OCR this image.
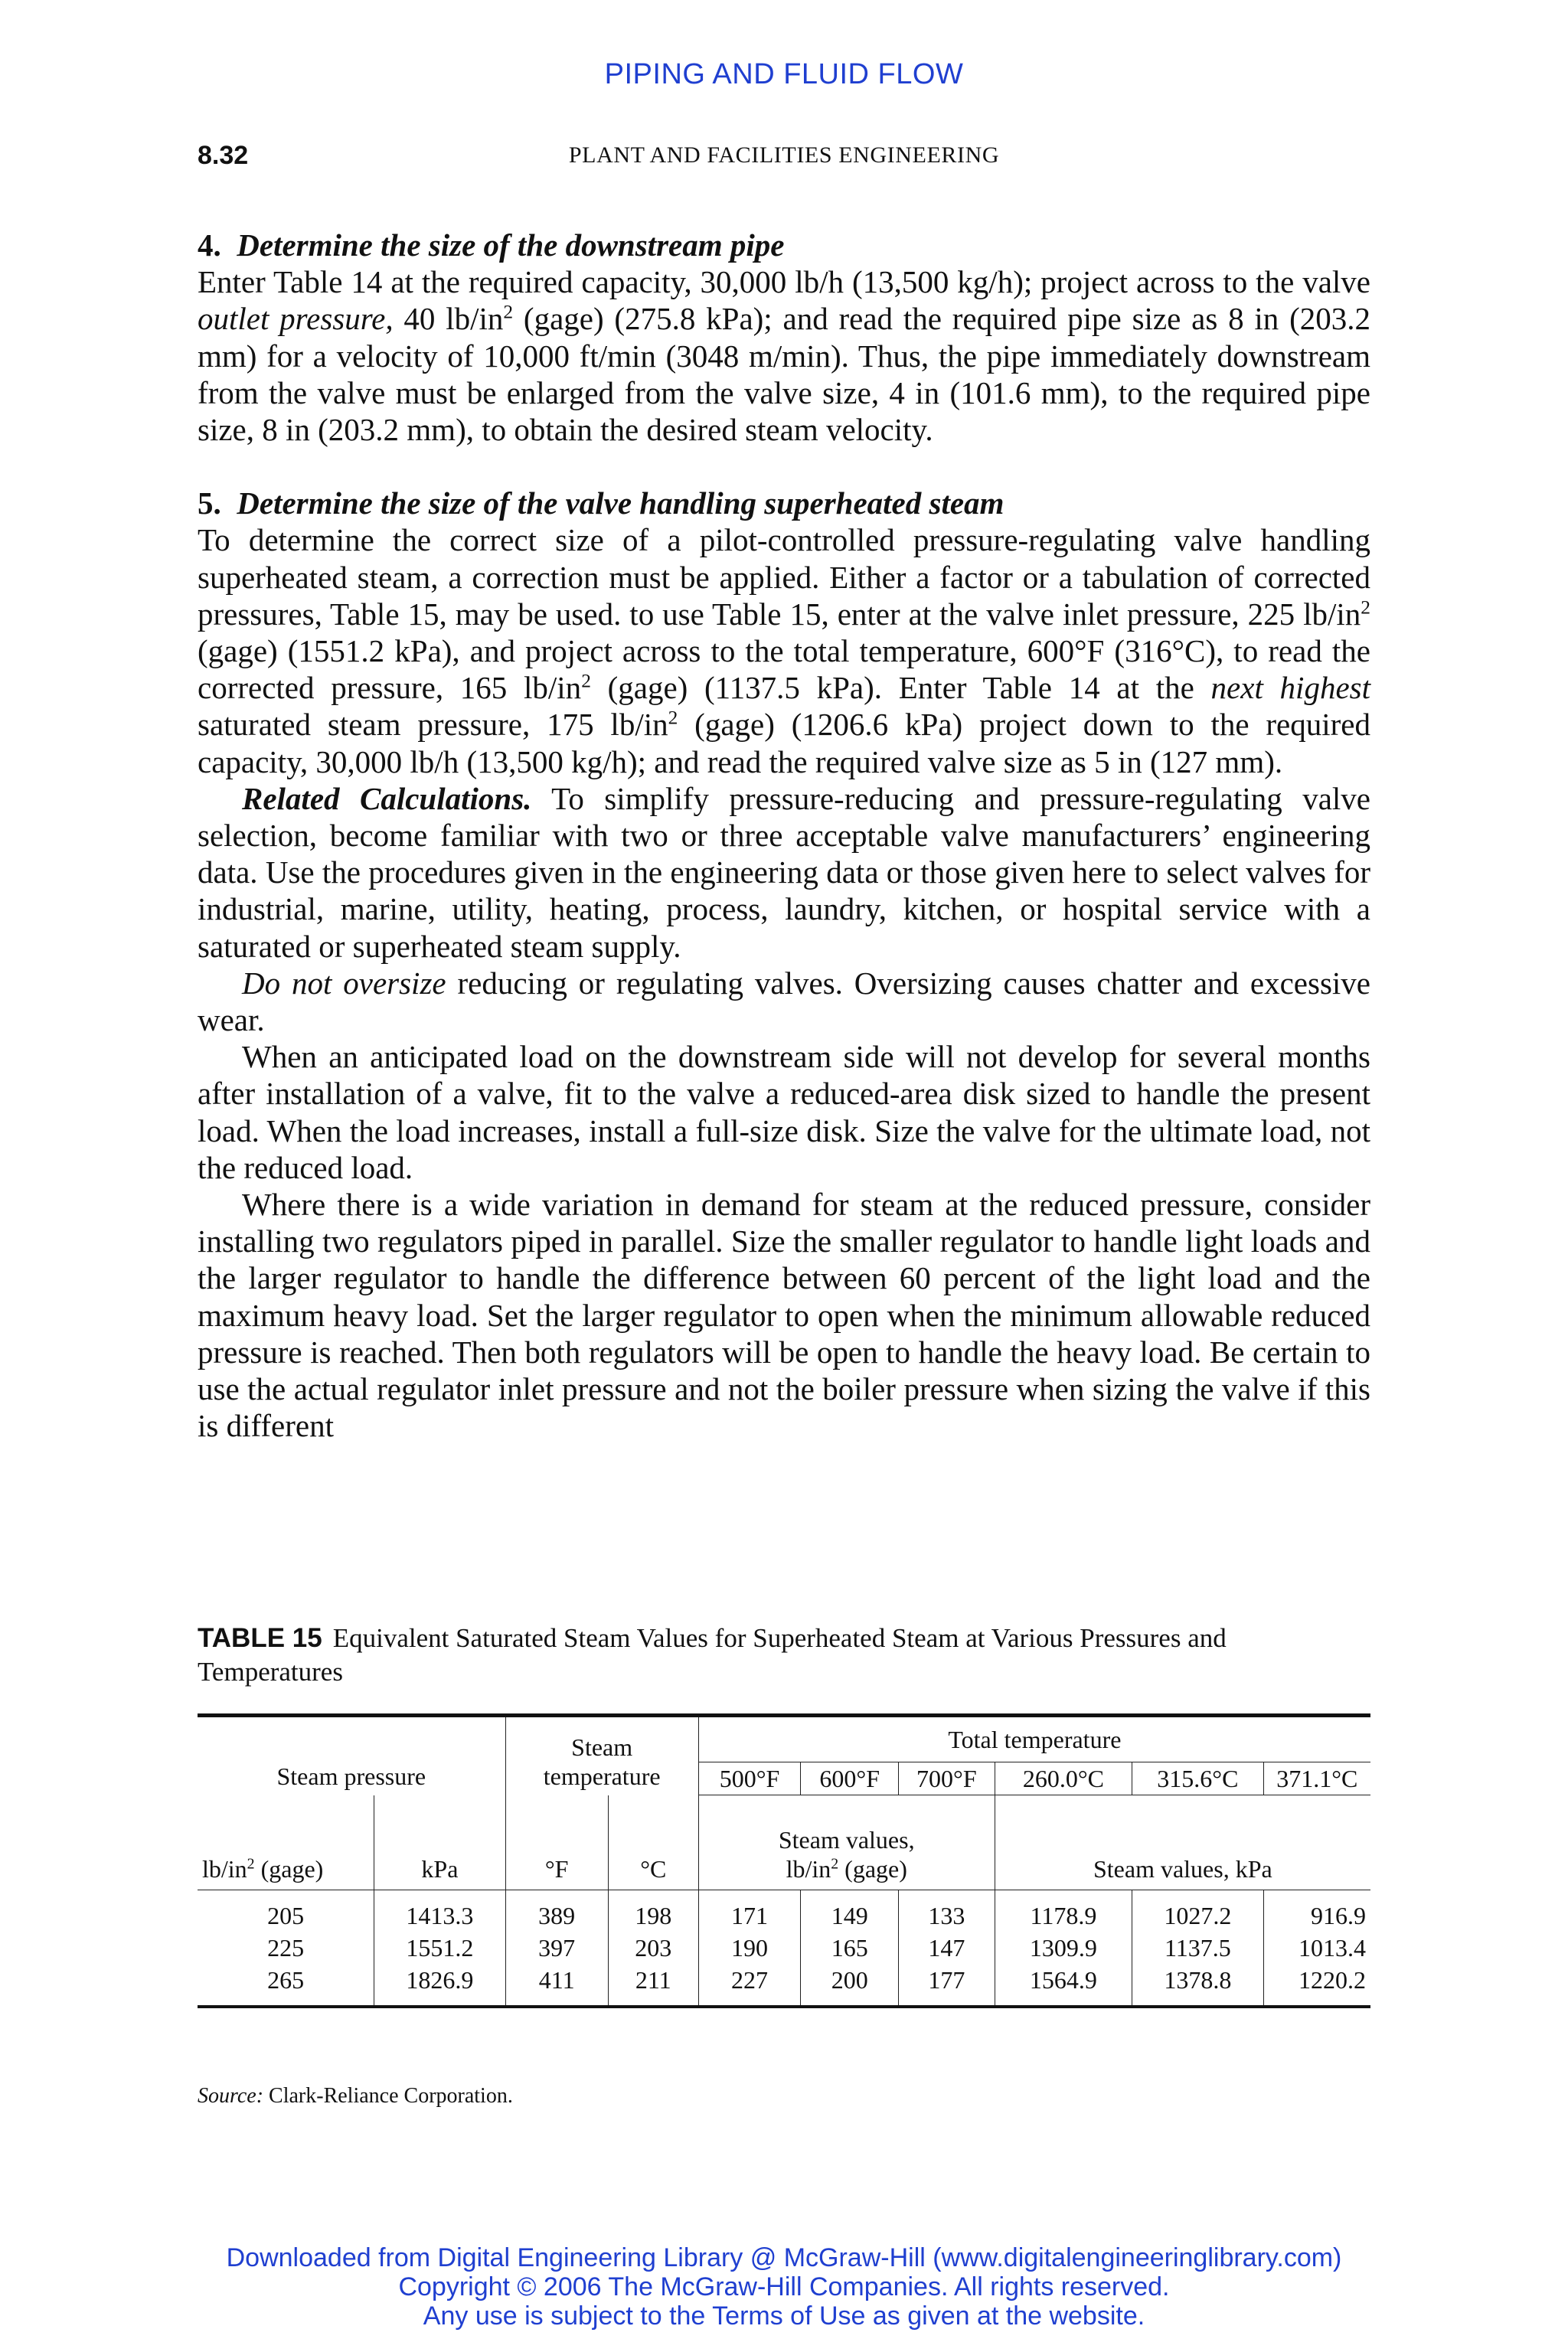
PIPING AND FLUID FLOW
8.32	PLANT AND FACILITIES ENGINEERING

4. Determine the size of the downstream pipe

Enter Table 14 at the required capacity, 30,000 lb/h (13,500 kg/h); project across to the valve outlet pressure, 40 $lb/in^2$ (gage) (275.8 kPa); and read the required pipe size as 8 in (203.2 mm) for a velocity of 10,000 ft/min (3048 m/min). Thus, the pipe immediately downstream from the valve must be enlarged from the valve size, 4 in (101.6 mm), to the required pipe size, 8 in (203.2 mm), to obtain the desired steam velocity.

5. Determine the size of the valve handling superheated steam

To determine the correct size of a pilot-controlled pressure-regulating valve handling superheated steam, a correction must be applied. Either a factor or a tabulation of corrected pressures, Table 15, may be used. to use Table 15, enter at the valve inlet pressure, 225 $lb/in^2$ (gage) (1551.2 kPa), and project across to the total temperature, 600°F (316°C), to read the corrected pressure, 165 $lb/in^2$ (gage) (1137.5 kPa). Enter Table 14 at the next highest saturated steam pressure, 175 $lb/in^2$ (gage) (1206.6 kPa) project down to the required capacity, 30,000 lb/h (13,500 kg/h); and read the required valve size as 5 in (127 mm).

Related Calculations. To simplify pressure-reducing and pressure-regulating valve selection, become familiar with two or three acceptable valve manufacturers’ engineering data. Use the procedures given in the engineering data or those given here to select valves for industrial, marine, utility, heating, process, laundry, kitchen, or hospital service with a saturated or superheated steam supply.

Do not oversize reducing or regulating valves. Oversizing causes chatter and excessive wear.

When an anticipated load on the downstream side will not develop for several months after installation of a valve, fit to the valve a reduced-area disk sized to handle the present load. When the load increases, install a full-size disk. Size the valve for the ultimate load, not the reduced load.

Where there is a wide variation in demand for steam at the reduced pressure, consider installing two regulators piped in parallel. Size the smaller regulator to handle light loads and the larger regulator to handle the difference between 60 percent of the light load and the maximum heavy load. Set the larger regulator to open when the minimum allowable reduced pressure is reached. Then both regulators will be open to handle the heavy load. Be certain to use the actual regulator inlet pressure and not the boiler pressure when sizing the valve if this is different

TABLE 15 Equivalent Saturated Steam Values for Superheated Steam at Various Pressures and Temperatures
Steam pressure		Steam temperature		Total temperature					
				500°F	600°F	700°F	260.0°C	315.6°C	371.1°C
$lb/in^2$ (gage)	kPa	°F	°C	Steam values,
$lb/in^2$ (gage)			Steam values, kPa		
205	1413.3	389	198	171	149	133	1178.9	1027.2	916.9
225	1551.2	397	203	190	165	147	1309.9	1137.5	1013.4
265	1826.9	411	211	227	200	177	1564.9	1378.8	1220.2
Source: Clark-Reliance Corporation.
Downloaded from Digital Engineering Library @ McGraw-Hill (www.digitalengineeringlibrary.com)
Copyright © 2006 The McGraw-Hill Companies. All rights reserved.
Any use is subject to the Terms of Use as given at the website.
